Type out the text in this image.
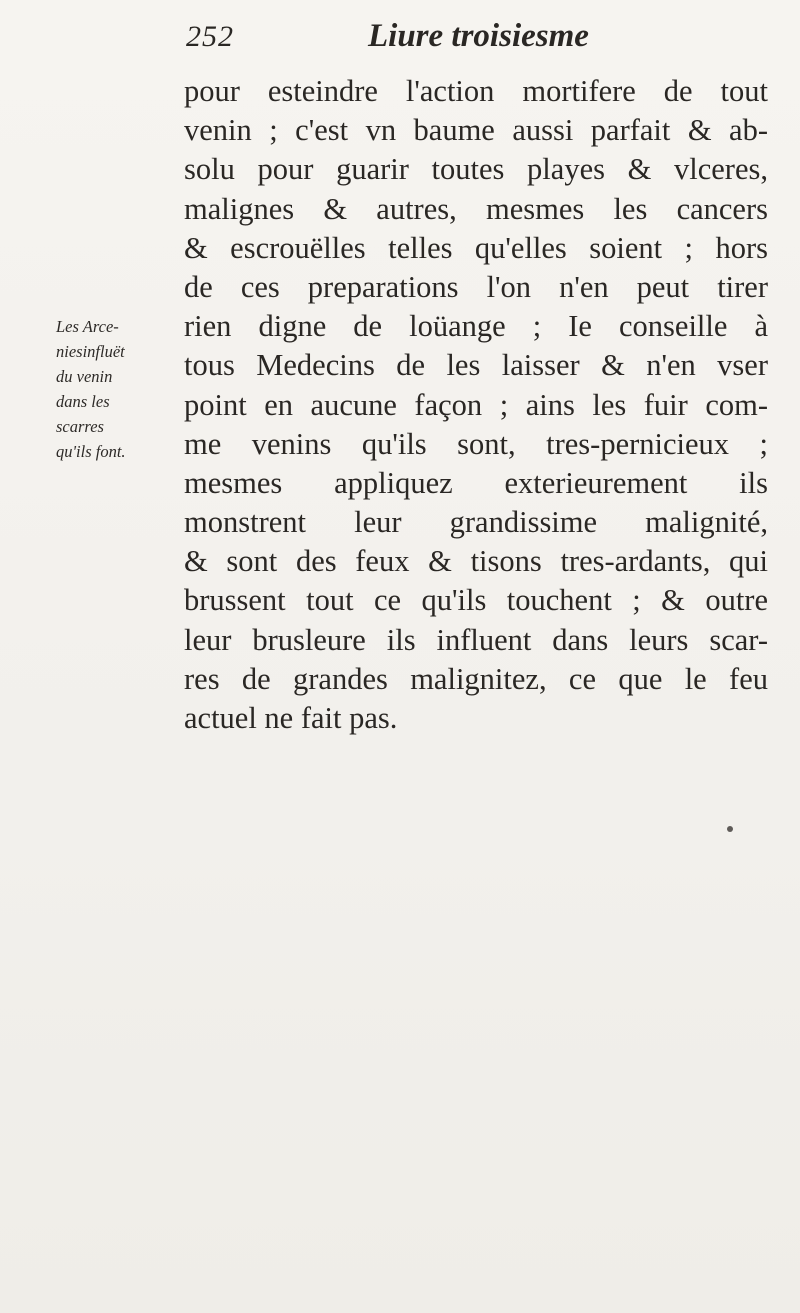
252	Liure troisiesme
Les Arce-
niesinfluët
du venin
dans les
scarres
qu'ils font.
pour esteindre l'action mortifere de tout
venin ; c'est vn baume aussi parfait & ab-
solu pour guarir toutes playes & vlceres,
malignes & autres, mesmes les cancers
& escrouëlles telles qu'elles soient ; hors
de ces preparations l'on n'en peut tirer
rien digne de loüange ; Ie conseille à
tous Medecins de les laisser & n'en vser
point en aucune façon ; ains les fuir com-
me venins qu'ils sont, tres-pernicieux ;
mesmes appliquez exterieurement ils
monstrent leur grandissime malignité,
& sont des feux & tisons tres-ardants, qui
brussent tout ce qu'ils touchent ; & outre
leur brusleure ils influent dans leurs scar-
res de grandes malignitez, ce que le feu
actuel ne fait pas.
